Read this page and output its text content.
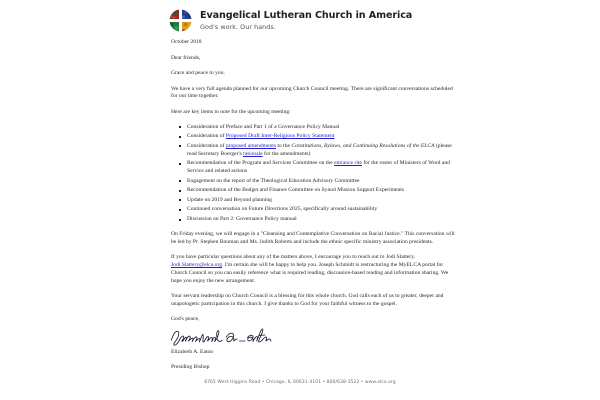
Evangelical Lutheran Church in America
God's work. Our hands.

October 2018

Dear friends,

Grace and peace to you.

We have a very full agenda planned for our upcoming Church Council meeting. There are significant conversations scheduled for our time together.

Here are key items to note for the upcoming meeting:

Consideration of Preface and Part 1 of a Governance Policy Manual
Consideration of Proposed Draft Inter-Religious Policy Statement
Consideration of proposed amendments to the Constitutions, Bylaws, and Continuing Resolutions of the ELCA (please read Secretary Boerger's rationale for the amendments)
Recommendation of the Program and Services Committee on the entrance rite for the roster of Ministers of Word and Service and related actions
Engagement on the report of the Theological Education Advisory Committee
Recommendation of the Budget and Finance Committee on Synod Mission Support Experiments
Update on 2019 and Beyond planning
Continued conversation on Future Directions 2025, specifically around sustainability
Discussion on Part 2: Governance Policy manual

On Friday evening, we will engage in a "Cleansing and Contemplative Conversation on Racial Justice." This conversation will be led by Pr. Stephen Bouman and Ms. Judith Roberts and include the ethnic specific ministry association presidents.

If you have particular questions about any of the matters above, I encourage you to reach out to Jodi Slattery, Jodi.Slattery@elca.org. I'm certain she will be happy to help you. Joseph Schmidt is restructuring the MyELCA portal for Church Council so you can easily reference what is required reading, discussion-based reading and information sharing. We hope you enjoy the new arrangement.

Your servant leadership on Church Council is a blessing for this whole church. God calls each of us to greater, deeper and unapologetic participation in this church. I give thanks to God for your faithful witness to the gospel.

God's peace,

Elizabeth A. Eaton

Presiding Bishop

8765 West Higgins Road • Chicago, IL 60631-4101 • 800/638-3522 • www.elca.org
